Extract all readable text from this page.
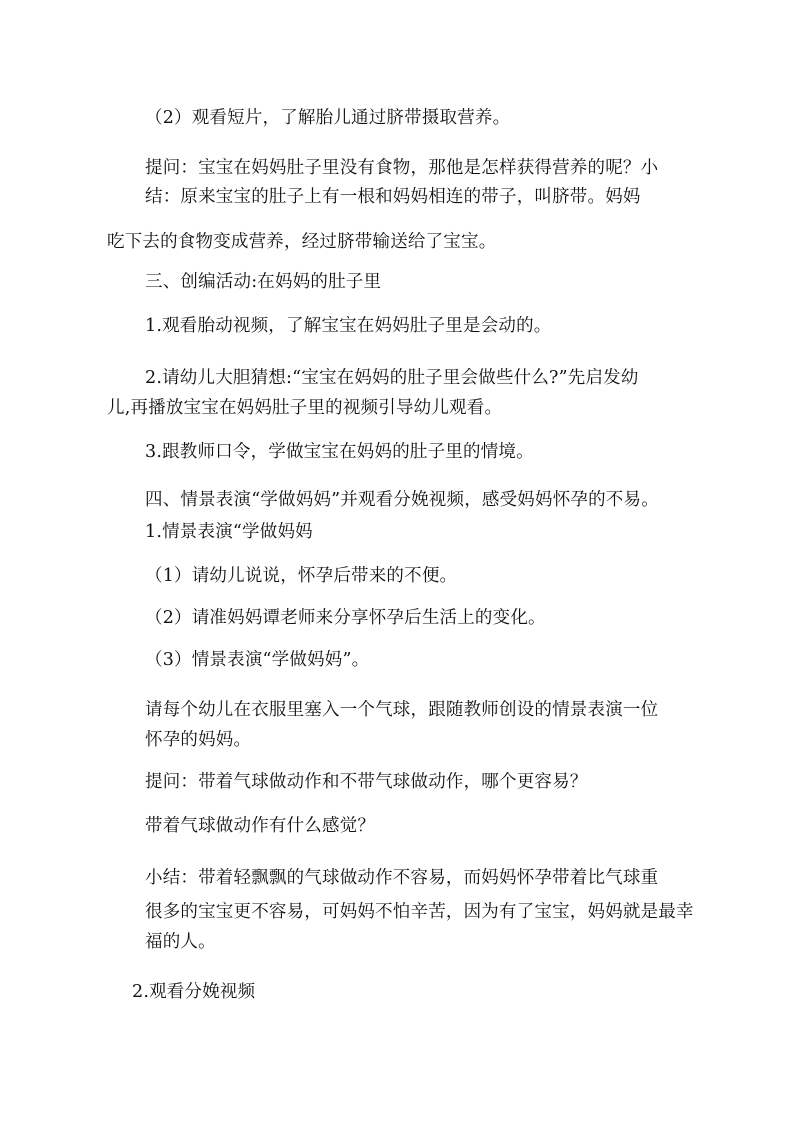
（2）观看短片，了解胎儿通过脐带摄取营养。
提问：宝宝在妈妈肚子里没有食物，那他是怎样获得营养的呢？小
结：原来宝宝的肚子上有一根和妈妈相连的带子，叫脐带。妈妈
吃下去的食物变成营养，经过脐带输送给了宝宝。
三、创编活动:在妈妈的肚子里
1.观看胎动视频，了解宝宝在妈妈肚子里是会动的。
2.请幼儿大胆猜想:“宝宝在妈妈的肚子里会做些什么?”先启发幼
儿,再播放宝宝在妈妈肚子里的视频引导幼儿观看。
3.跟教师口令，学做宝宝在妈妈的肚子里的情境。
四、情景表演“学做妈妈”并观看分娩视频，感受妈妈怀孕的不易。
1.情景表演“学做妈妈
（1）请幼儿说说，怀孕后带来的不便。
（2）请准妈妈谭老师来分享怀孕后生活上的变化。
（3）情景表演“学做妈妈”。
请每个幼儿在衣服里塞入一个气球，跟随教师创设的情景表演一位
怀孕的妈妈。
提问：带着气球做动作和不带气球做动作，哪个更容易？
带着气球做动作有什么感觉？
小结：带着轻飘飘的气球做动作不容易，而妈妈怀孕带着比气球重
很多的宝宝更不容易，可妈妈不怕辛苦，因为有了宝宝，妈妈就是最幸
福的人。
2.观看分娩视频
